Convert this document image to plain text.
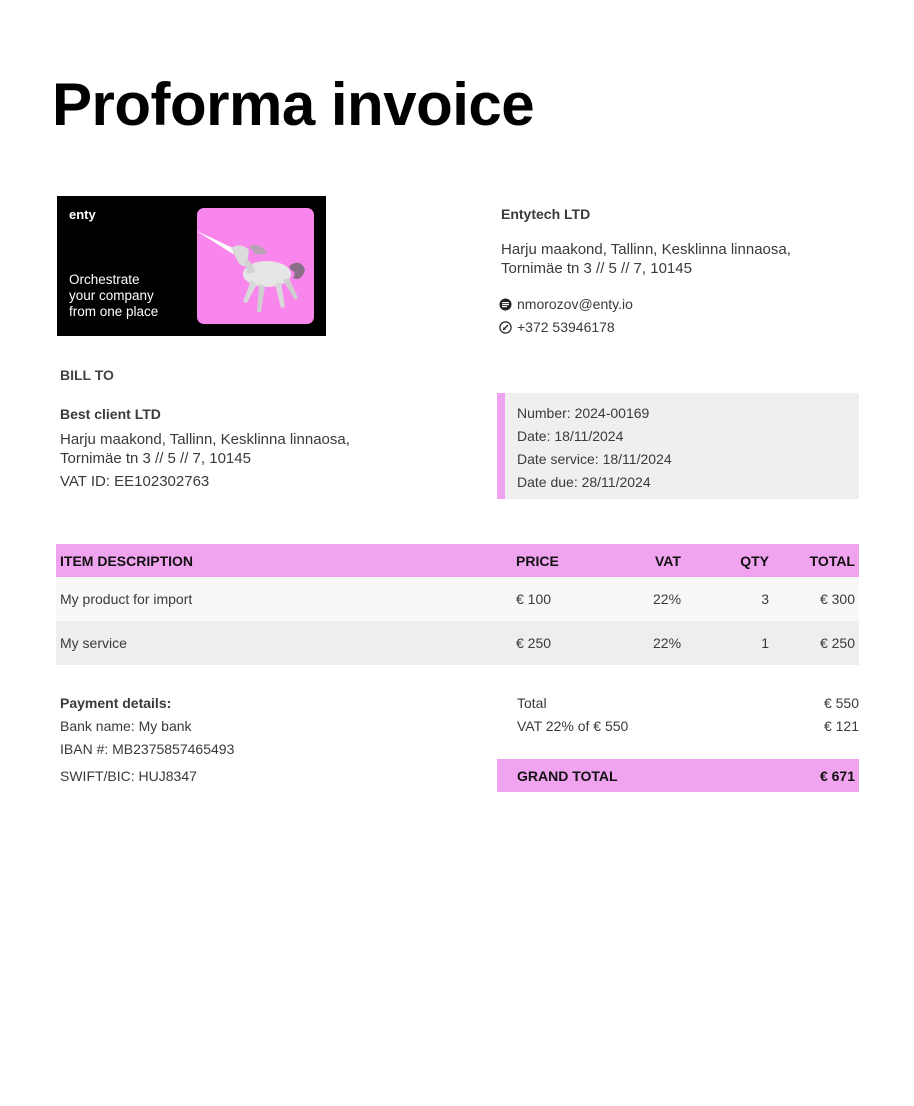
Proforma invoice
enty
Orchestrate
your company
from one place
Entytech LTD
Harju maakond, Tallinn, Kesklinna linnaosa,
Tornimäe tn 3 // 5 // 7, 10145
nmorozov@enty.io
+372 53946178
BILL TO
Best client LTD
Harju maakond, Tallinn, Kesklinna linnaosa,
Tornimäe tn 3 // 5 // 7, 10145
VAT ID: EE102302763
Number: 2024-00169
Date: 18/11/2024
Date service: 18/11/2024
Date due: 28/11/2024
ITEM DESCRIPTION	PRICE	VAT	QTY	TOTAL
My product for import	€ 100	22%	3	€ 300
My service	€ 250	22%	1	€ 250
Payment details:
Bank name: My bank
IBAN #: MB2375857465493
SWIFT/BIC: HUJ8347
Total	€ 550
VAT 22% of € 550	€ 121
GRAND TOTAL	€ 671
